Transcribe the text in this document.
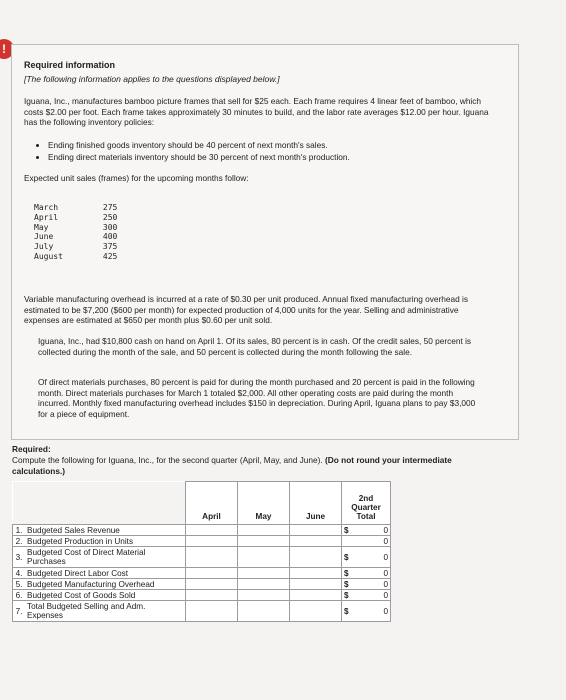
!
Required information
[The following information applies to the questions displayed below.]
Iguana, Inc., manufactures bamboo picture frames that sell for $25 each. Each frame requires 4 linear feet of bamboo, which costs $2.00 per foot. Each frame takes approximately 30 minutes to build, and the labor rate averages $12.00 per hour. Iguana has the following inventory policies:
• Ending finished goods inventory should be 40 percent of next month's sales.
• Ending direct materials inventory should be 30 percent of next month's production.
Expected unit sales (frames) for the upcoming months follow:
March	275
April	250
May	300
June	400
July	375
August	425
Variable manufacturing overhead is incurred at a rate of $0.30 per unit produced. Annual fixed manufacturing overhead is estimated to be $7,200 ($600 per month) for expected production of 4,000 units for the year. Selling and administrative expenses are estimated at $650 per month plus $0.60 per unit sold.
Iguana, Inc., had $10,800 cash on hand on April 1. Of its sales, 80 percent is in cash. Of the credit sales, 50 percent is collected during the month of the sale, and 50 percent is collected during the month following the sale.
Of direct materials purchases, 80 percent is paid for during the month purchased and 20 percent is paid in the following month. Direct materials purchases for March 1 totaled $2,000. All other operating costs are paid during the month incurred. Monthly fixed manufacturing overhead includes $150 in depreciation. During April, Iguana plans to pay $3,000 for a piece of equipment.
Required:
Compute the following for Iguana, Inc., for the second quarter (April, May, and June). (Do not round your intermediate calculations.)
		April	May	June	2nd Quarter Total
1.	Budgeted Sales Revenue				$ 0
2.	Budgeted Production in Units				0
3.	Budgeted Cost of Direct Material Purchases				$ 0
4.	Budgeted Direct Labor Cost				$ 0
5.	Budgeted Manufacturing Overhead				$ 0
6.	Budgeted Cost of Goods Sold				$ 0
7.	Total Budgeted Selling and Adm. Expenses				$ 0
